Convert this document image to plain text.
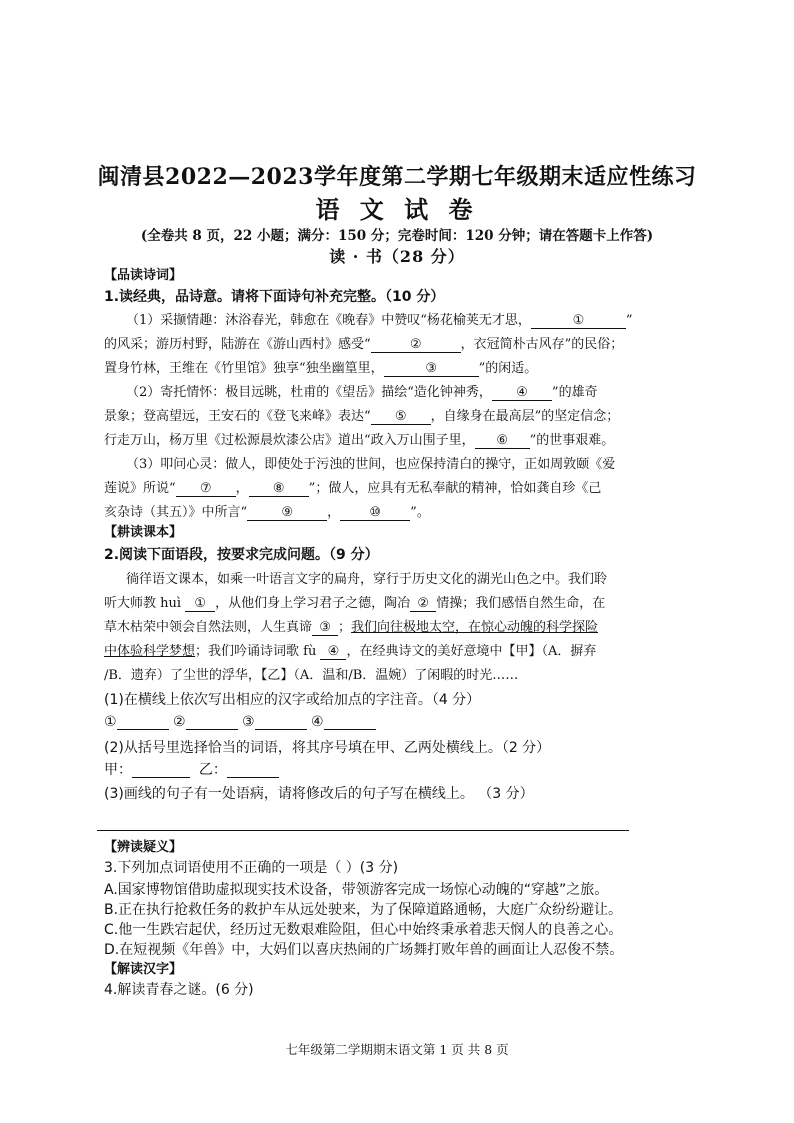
闽清县2022—2023学年度第二学期七年级期末适应性练习
语 文 试 卷
(全卷共 8 页，22 小题；满分：150 分；完卷时间：120 分钟；请在答题卡上作答)
读 · 书（28 分）
【品读诗词】
1.读经典，品诗意。请将下面诗句补充完整。（10 分）
（1）采撷情趣：沐浴春光，韩愈在《晚春》中赞叹“杨花榆荚无才思，	①	”
的风采；游历村野，陆游在《游山西村》感受“	②	，衣冠简朴古风存”的民俗；
置身竹林，王维在《竹里馆》独享“独坐幽篁里，	③	”的闲适。
（2）寄托情怀：极目远眺，杜甫的《望岳》描绘“造化钟神秀， ④ ”的雄奇
景象；登高望远，王安石的《登飞来峰》表达“ ⑤ ，自缘身在最高层”的坚定信念；
行走万山，杨万里《过松源晨炊漆公店》道出“政入万山围子里， ⑥ ”的世事艰难。
（3）叩问心灵：做人，即使处于污浊的世间，也应保持清白的操守，正如周敦颐《爱
莲说》所说“ ⑦ ， ⑧ ”；做人，应具有无私奉献的精神，恰如龚自珍《己
亥杂诗（其五）》中所言“	⑨	， ⑩ ”。
【耕读课本】
2.阅读下面语段，按要求完成问题。（9 分）
徜徉语文课本，如乘一叶语言文字的扁舟，穿行于历史文化的湖光山色之中。我们聆
听大师教 huì ① ，从他们身上学习君子之德，陶冶 ② 情操；我们感悟自然生命，在
草木枯荣中领会自然法则，人生真谛 ③ ；我们向往极地太空，在惊心动魄的科学探险
中体验科学梦想；我们吟诵诗词歌 fù ④ ，在经典诗文的美好意境中【甲】（A．摒弃
/B．遗弃）了尘世的浮华，【乙】（A．温和/B．温婉）了闲暇的时光……
(1)在横线上依次写出相应的汉字或给加点的字注音。（4 分）
①	②	③	④
(2)从括号里选择恰当的词语，将其序号填在甲、乙两处横线上。（2 分）
甲：	乙：
(3)画线的句子有一处语病，请将修改后的句子写在横线上。 （3 分）
【辨读疑义】
3.下列加点词语使用不正确的一项是（ ）(3 分)
A.国家博物馆借助虚拟现实技术设备，带领游客完成一场惊心动魄的“穿越”之旅。
B.正在执行抢救任务的救护车从远处驶来，为了保障道路通畅，大庭广众纷纷避让。
C.他一生跌宕起伏，经历过无数艰难险阻，但心中始终秉承着悲天悯人的良善之心。
D.在短视频《年兽》中，大妈们以喜庆热闹的广场舞打败年兽的画面让人忍俊不禁。
【解读汉字】
4.解读青春之谜。(6 分)
七年级第二学期期末语文第 1 页 共 8 页
